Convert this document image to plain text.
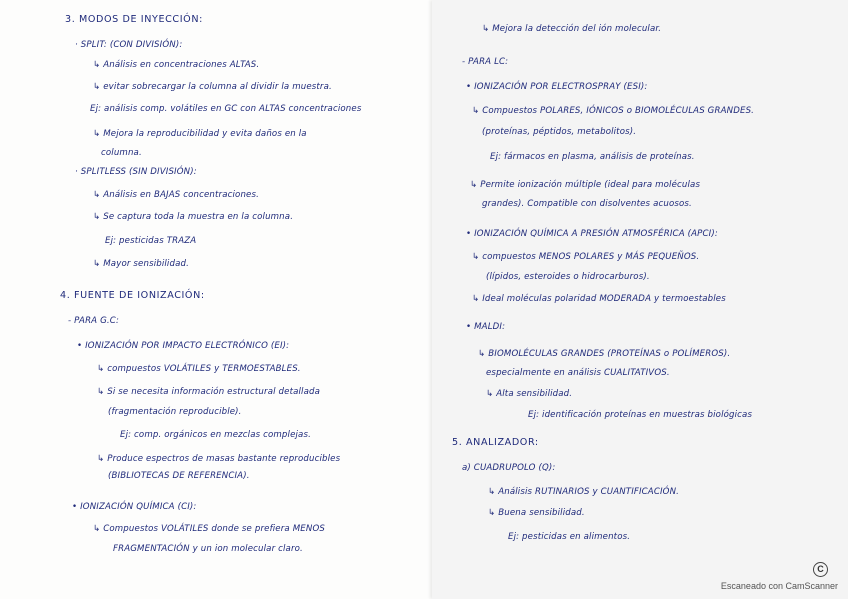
3. MODOS DE INYECCIÓN:
· SPLIT: (CON DIVISIÓN):
↳ Análisis en concentraciones ALTAS.
↳ evitar sobrecargar la columna al dividir la muestra.
Ej: análisis comp. volátiles en GC con ALTAS concentraciones
↳ Mejora la reproducibilidad y evita daños en la
columna.
· SPLITLESS (SIN DIVISIÓN):
↳ Análisis en BAJAS concentraciones.
↳ Se captura toda la muestra en la columna.
Ej: pesticidas TRAZA
↳ Mayor sensibilidad.
4. FUENTE DE IONIZACIÓN:
- PARA G.C:
• IONIZACIÓN POR IMPACTO ELECTRÓNICO (EI):
↳ compuestos VOLÁTILES y TERMOESTABLES.
↳ Si se necesita información estructural detallada
(fragmentación reproducible).
Ej: comp. orgánicos en mezclas complejas.
↳ Produce espectros de masas bastante reproducibles
(BIBLIOTECAS DE REFERENCIA).
• IONIZACIÓN QUÍMICA (CI):
↳ Compuestos VOLÁTILES donde se prefiera MENOS
FRAGMENTACIÓN y un ion molecular claro.
↳ Mejora la detección del ión molecular.
- PARA LC:
• IONIZACIÓN POR ELECTROSPRAY (ESI):
↳ Compuestos POLARES, IÓNICOS o BIOMOLÉCULAS GRANDES.
(proteínas, péptidos, metabolitos).
Ej: fármacos en plasma, análisis de proteínas.
↳ Permite ionización múltiple (ideal para moléculas
grandes). Compatible con disolventes acuosos.
• IONIZACIÓN QUÍMICA A PRESIÓN ATMOSFÉRICA (APCI):
↳ compuestos MENOS POLARES y MÁS PEQUEÑOS.
(lípidos, esteroides o hidrocarburos).
↳ Ideal moléculas polaridad MODERADA y termoestables
• MALDI:
↳ BIOMOLÉCULAS GRANDES (PROTEÍNAS o POLÍMEROS).
especialmente en análisis CUALITATIVOS.
↳ Alta sensibilidad.
Ej: identificación proteínas en muestras biológicas
5. ANALIZADOR:
a) CUADRUPOLO (Q):
↳ Análisis RUTINARIOS y CUANTIFICACIÓN.
↳ Buena sensibilidad.
Ej: pesticidas en alimentos.
C
Escaneado con CamScanner
